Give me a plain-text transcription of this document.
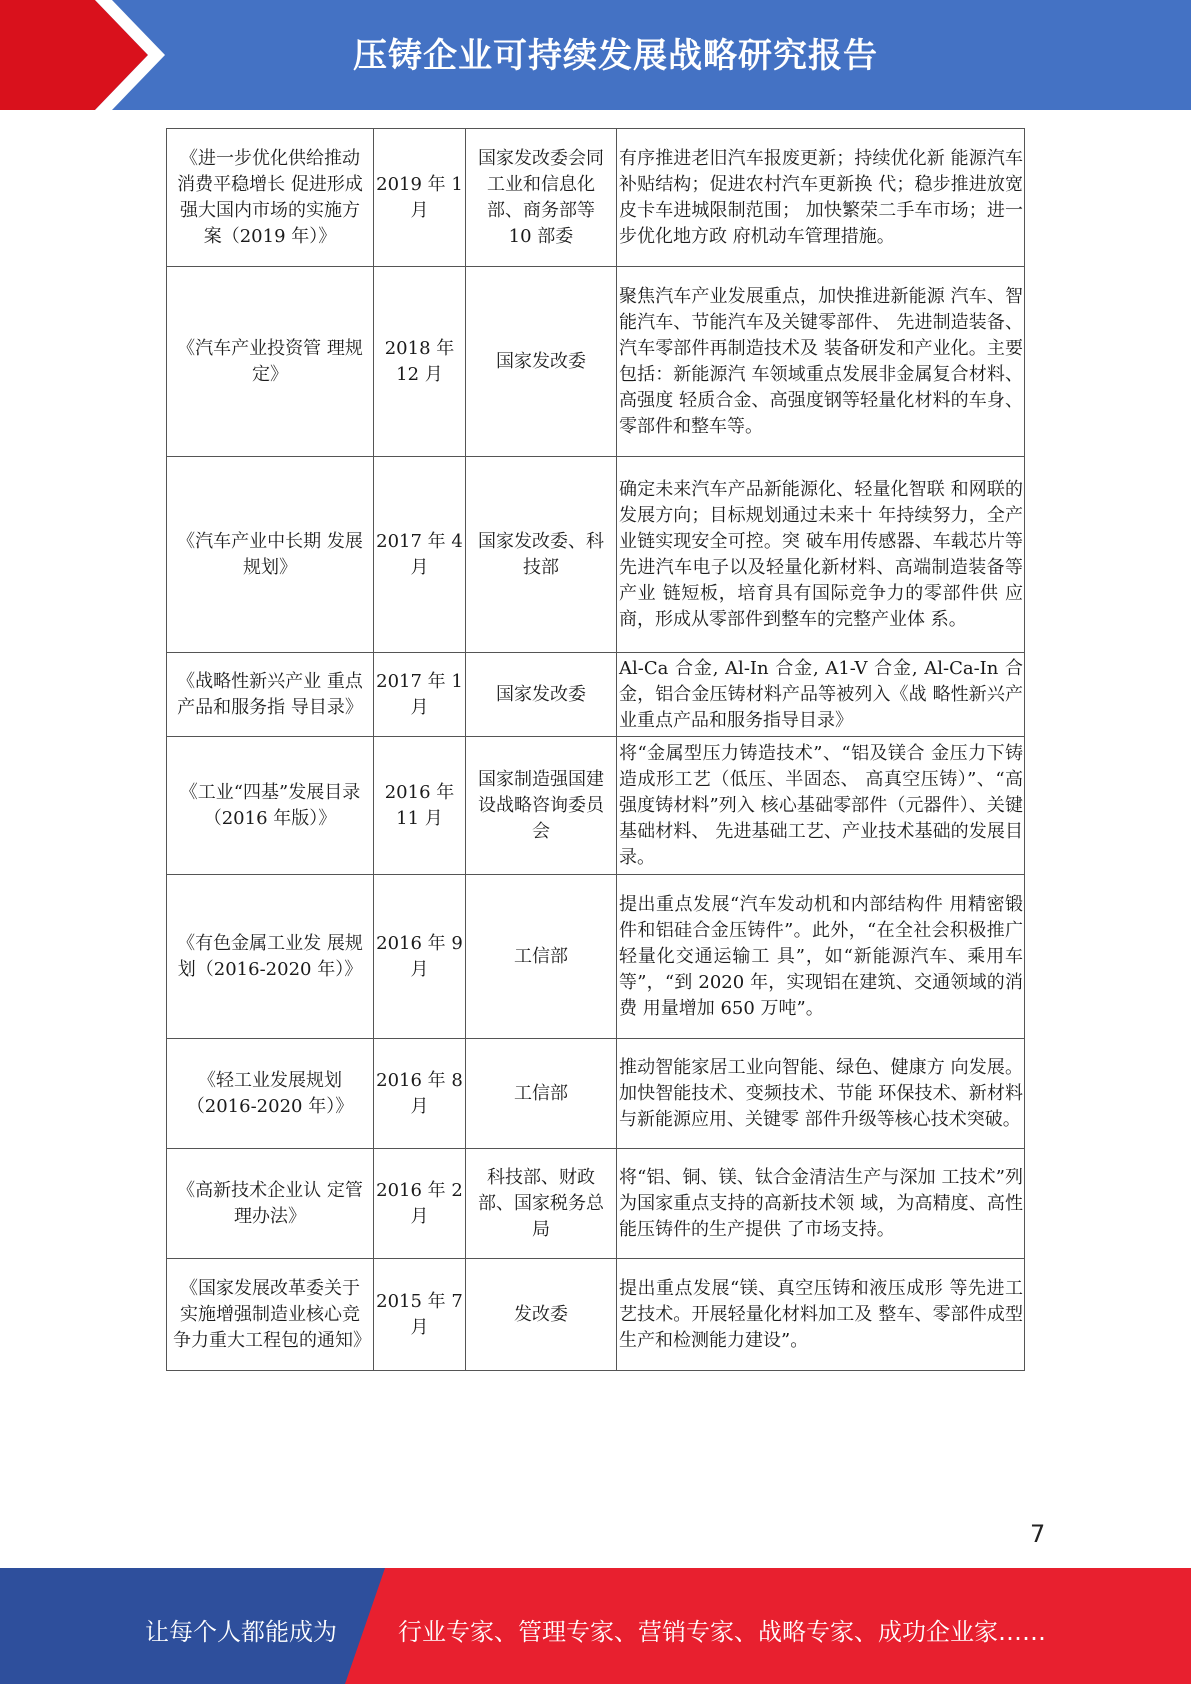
压铸企业可持续发展战略研究报告
《进一步优化供给推动消费平稳增长 促进形成强大国内市场的实施方案（2019 年）》	2019 年 1 月	国家发改委会同工业和信息化部、商务部等 10 部委	有序推进老旧汽车报废更新；持续优化新 能源汽车补贴结构；促进农村汽车更新换 代；稳步推进放宽皮卡车进城限制范围； 加快繁荣二手车市场；进一步优化地方政 府机动车管理措施。
《汽车产业投资管 理规定》	2018 年 12 月	国家发改委	聚焦汽车产业发展重点，加快推进新能源 汽车、智能汽车、节能汽车及关键零部件、 先进制造装备、汽车零部件再制造技术及 装备研发和产业化。主要包括：新能源汽 车领域重点发展非金属复合材料、高强度 轻质合金、高强度钢等轻量化材料的车身、 零部件和整车等。
《汽车产业中长期 发展规划》	2017 年 4 月	国家发改委、科技部	确定未来汽车产品新能源化、轻量化智联 和网联的发展方向；目标规划通过未来十 年持续努力，全产业链实现安全可控。突 破车用传感器、车载芯片等先进汽车电子以及轻量化新材料、高端制造装备等产业 链短板，培育具有国际竞争力的零部件供 应商，形成从零部件到整车的完整产业体 系。
《战略性新兴产业 重点产品和服务指 导目录》	2017 年 1 月	国家发改委	Al-Ca 合金, Al-In 合金, A1-V 合金, Al-Ca-In 合金，铝合金压铸材料产品等被列入《战 略性新兴产业重点产品和服务指导目录》
《工业“四基”发展目录（2016 年版）》	2016 年 11 月	国家制造强国建设战略咨询委员会	将“金属型压力铸造技术”、“铝及镁合 金压力下铸造成形工艺（低压、半固态、 高真空压铸）”、“高强度铸材料”列入 核心基础零部件（元器件）、关键基础材料、 先进基础工艺、产业技术基础的发展目录。
《有色金属工业发 展规划（2016-2020 年）》	2016 年 9 月	工信部	提出重点发展“汽车发动机和内部结构件 用精密锻件和铝硅合金压铸件”。此外，“在全社会积极推广轻量化交通运输工 具”，如“新能源汽车、乘用车等”，“到 2020 年，实现铝在建筑、交通领域的消费 用量增加 650 万吨”。
《轻工业发展规划（2016-2020 年）》	2016 年 8 月	工信部	推动智能家居工业向智能、绿色、健康方 向发展。加快智能技术、变频技术、节能 环保技术、新材料与新能源应用、关键零 部件升级等核心技术突破。
《高新技术企业认 定管理办法》	2016 年 2 月	科技部、财政部、国家税务总局	将“铝、铜、镁、钛合金清洁生产与深加 工技术”列为国家重点支持的高新技术领 域，为高精度、高性能压铸件的生产提供 了市场支持。
《国家发展改革委关于实施增强制造业核心竞争力重大工程包的通知》	2015 年 7 月	发改委	提出重点发展“镁、真空压铸和液压成形 等先进工艺技术。开展轻量化材料加工及 整车、零部件成型生产和检测能力建设”。
7
让每个人都能成为	行业专家、管理专家、营销专家、战略专家、成功企业家……
